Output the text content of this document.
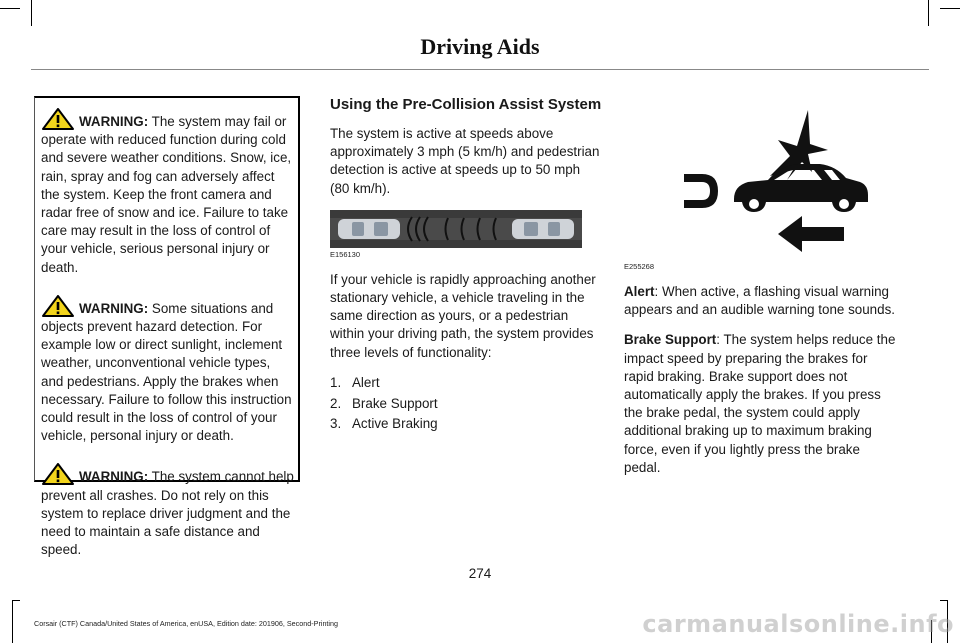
Driving Aids

WARNING: The system may fail or operate with reduced function during cold and severe weather conditions. Snow, ice, rain, spray and fog can adversely affect the system. Keep the front camera and radar free of snow and ice. Failure to take care may result in the loss of control of your vehicle, serious personal injury or death.

WARNING: Some situations and objects prevent hazard detection. For example low or direct sunlight, inclement weather, unconventional vehicle types, and pedestrians. Apply the brakes when necessary. Failure to follow this instruction could result in the loss of control of your vehicle, personal injury or death.

WARNING: The system cannot help prevent all crashes. Do not rely on this system to replace driver judgment and the need to maintain a safe distance and speed.

Using the Pre-Collision Assist System

The system is active at speeds above approximately 3 mph (5 km/h) and pedestrian detection is active at speeds up to 50 mph (80 km/h).

E156130

If your vehicle is rapidly approaching another stationary vehicle, a vehicle traveling in the same direction as yours, or a pedestrian within your driving path, the system provides three levels of functionality:

1. Alert
2. Brake Support
3. Active Braking
E255268

Alert: When active, a flashing visual warning appears and an audible warning tone sounds.

Brake Support: The system helps reduce the impact speed by preparing the brakes for rapid braking. Brake support does not automatically apply the brakes. If you press the brake pedal, the system could apply additional braking up to maximum braking force, even if you lightly press the brake pedal.

274
Corsair (CTF) Canada/United States of America, enUSA, Edition date: 201906, Second-Printing	carmanualsonline.info
